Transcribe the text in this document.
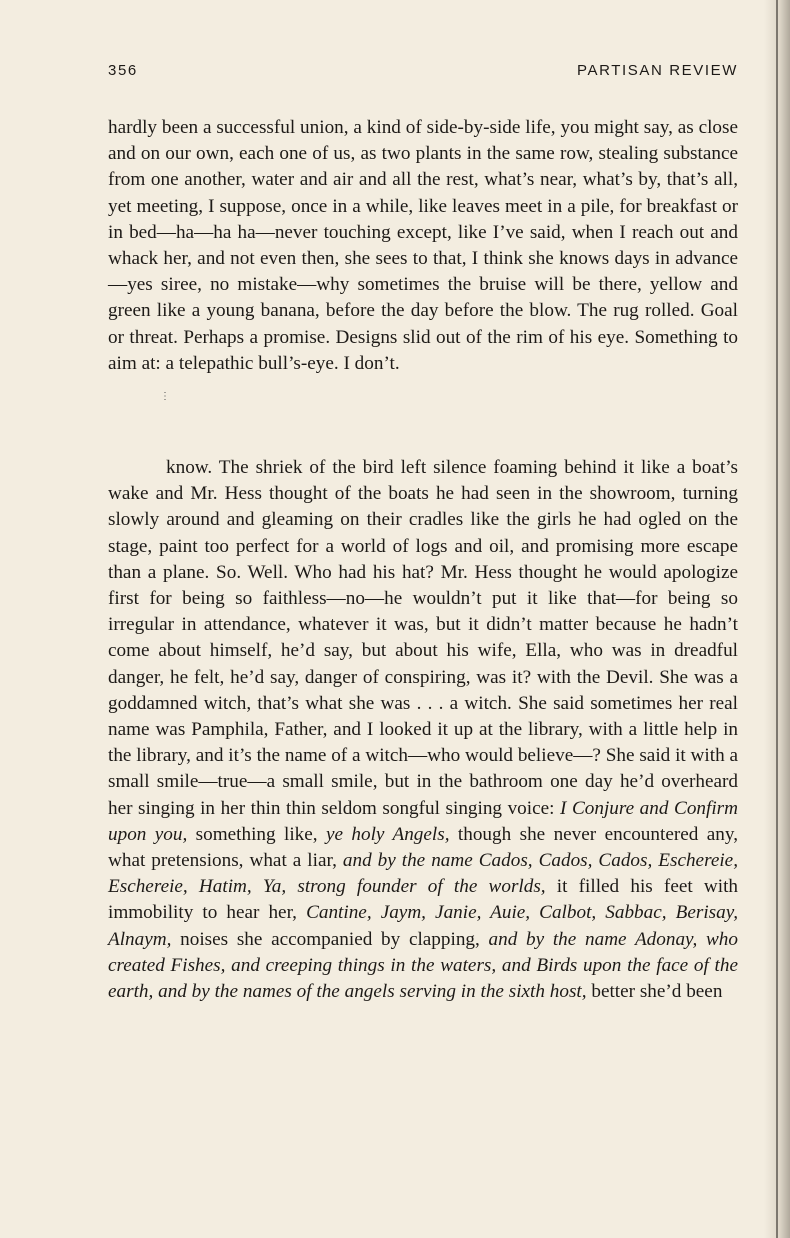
356	PARTISAN REVIEW

hardly been a successful union, a kind of side-by-side life, you might say, as close and on our own, each one of us, as two plants in the same row, stealing substance from one another, water and air and all the rest, what’s near, what’s by, that’s all, yet meeting, I suppose, once in a while, like leaves meet in a pile, for breakfast or in bed—ha—ha ha—never touching except, like I’ve said, when I reach out and whack her, and not even then, she sees to that, I think she knows days in advance—yes siree, no mistake—why sometimes the bruise will be there, yellow and green like a young banana, before the day before the blow. The rug rolled. Goal or threat. Perhaps a promise. Designs slid out of the rim of his eye. Something to aim at: a telepathic bull’s-eye. I don’t.

⋮

know. The shriek of the bird left silence foaming behind it like a boat’s wake and Mr. Hess thought of the boats he had seen in the showroom, turning slowly around and gleaming on their cradles like the girls he had ogled on the stage, paint too perfect for a world of logs and oil, and promising more escape than a plane. So. Well. Who had his hat? Mr. Hess thought he would apologize first for being so faithless—no—he wouldn’t put it like that—for being so irregular in attendance, whatever it was, but it didn’t matter because he hadn’t come about himself, he’d say, but about his wife, Ella, who was in dreadful danger, he felt, he’d say, danger of conspiring, was it? with the Devil. She was a goddamned witch, that’s what she was . . . a witch. She said sometimes her real name was Pamphila, Father, and I looked it up at the library, with a little help in the library, and it’s the name of a witch—who would believe—? She said it with a small smile—true—a small smile, but in the bathroom one day he’d overheard her singing in her thin thin seldom songful singing voice: I Conjure and Confirm upon you, something like, ye holy Angels, though she never encountered any, what pretensions, what a liar, and by the name Cados, Cados, Cados, Eschereie, Eschereie, Hatim, Ya, strong founder of the worlds, it filled his feet with immobility to hear her, Cantine, Jaym, Janie, Auie, Calbot, Sabbac, Berisay, Alnaym, noises she accompanied by clapping, and by the name Adonay, who created Fishes, and creeping things in the waters, and Birds upon the face of the earth, and by the names of the angels serving in the sixth host, better she’d been
